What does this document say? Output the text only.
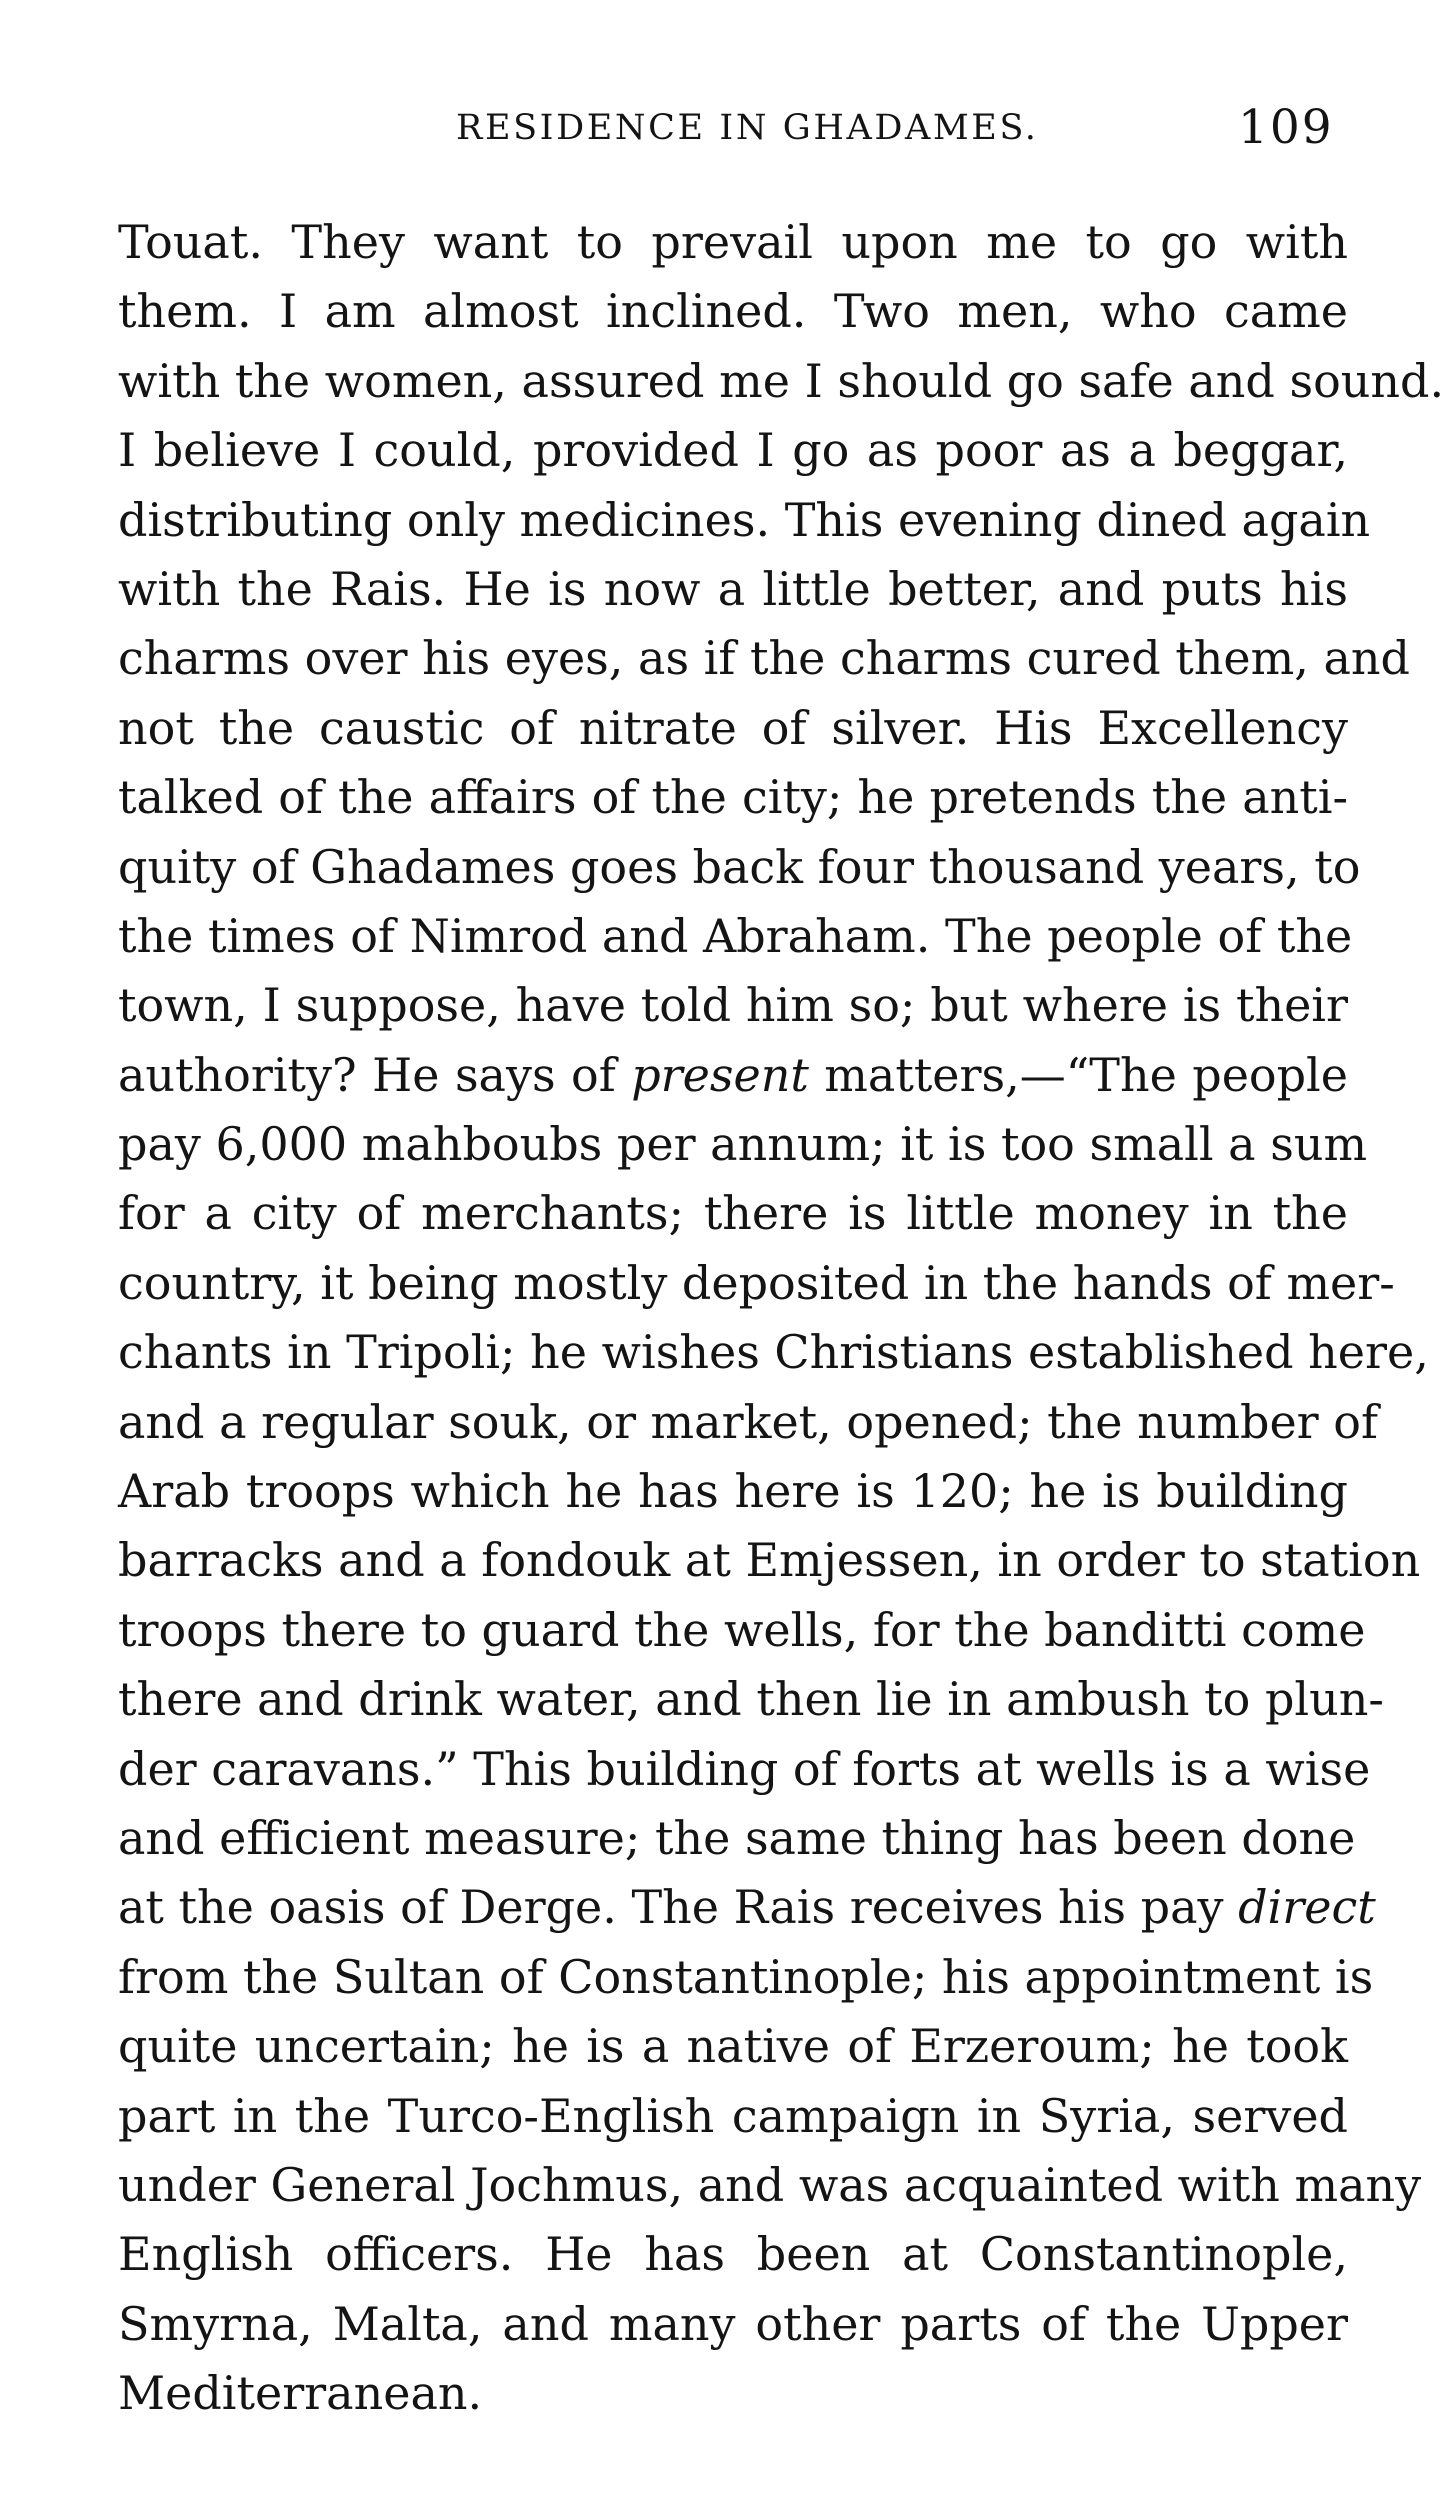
RESIDENCE IN GHADAMES.	109
Touat. They want to prevail upon me to go with
them. I am almost inclined. Two men, who came
with the women, assured me I should go safe and sound.
I believe I could, provided I go as poor as a beggar,
distributing only medicines. This evening dined again
with the Rais. He is now a little better, and puts his
charms over his eyes, as if the charms cured them, and
not the caustic of nitrate of silver. His Excellency
talked of the affairs of the city; he pretends the anti-
quity of Ghadames goes back four thousand years, to
the times of Nimrod and Abraham. The people of the
town, I suppose, have told him so; but where is their
authority? He says of present matters,—“The people
pay 6,000 mahboubs per annum; it is too small a sum
for a city of merchants; there is little money in the
country, it being mostly deposited in the hands of mer-
chants in Tripoli; he wishes Christians established here,
and a regular souk, or market, opened; the number of
Arab troops which he has here is 120; he is building
barracks and a fondouk at Emjessen, in order to station
troops there to guard the wells, for the banditti come
there and drink water, and then lie in ambush to plun-
der caravans.” This building of forts at wells is a wise
and efficient measure; the same thing has been done
at the oasis of Derge. The Rais receives his pay direct
from the Sultan of Constantinople; his appointment is
quite uncertain; he is a native of Erzeroum; he took
part in the Turco-English campaign in Syria, served
under General Jochmus, and was acquainted with many
English officers. He has been at Constantinople,
Smyrna, Malta, and many other parts of the Upper
Mediterranean.
